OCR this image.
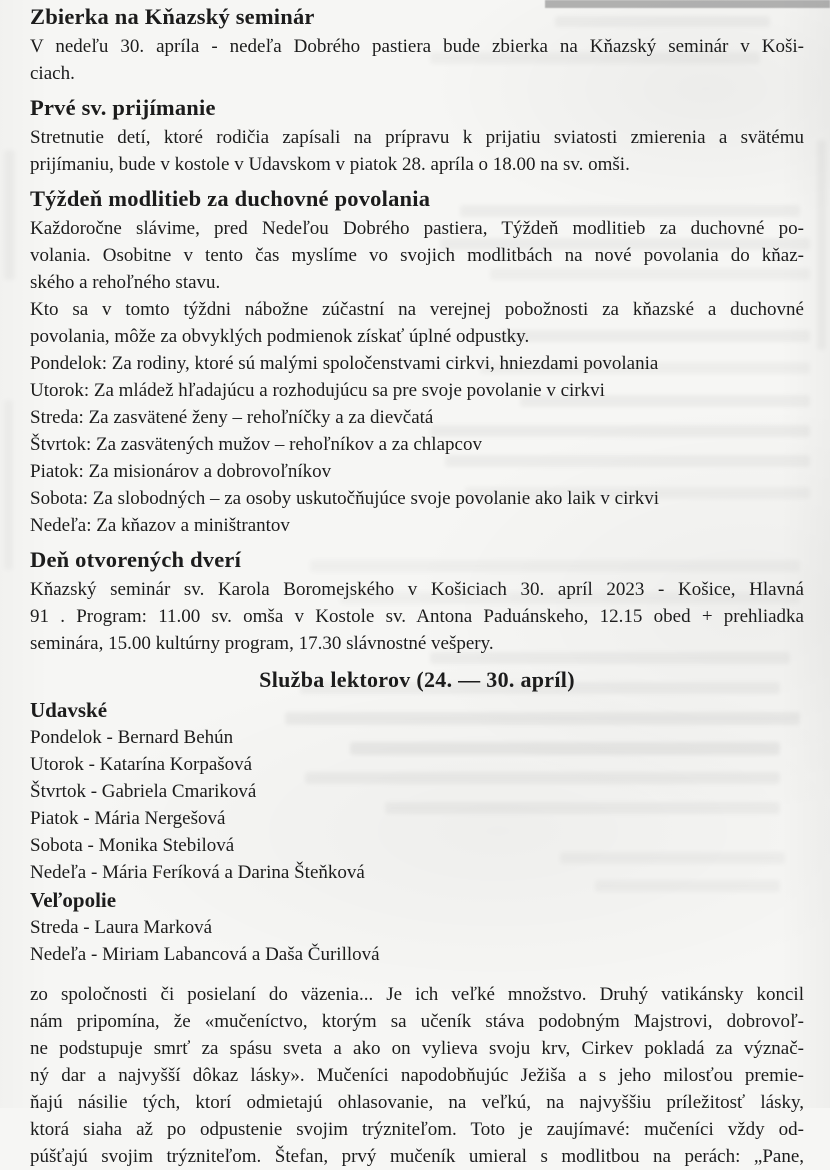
Zbierka na Kňazský seminár
V nedeľu 30. apríla - nedeľa Dobrého pastiera bude zbierka na Kňazský seminár v Koši-
ciach.
Prvé sv. prijímanie
Stretnutie detí, ktoré rodičia zapísali na prípravu k prijatiu sviatosti zmierenia a svätému
prijímaniu, bude v kostole v Udavskom v piatok 28. apríla o 18.00 na sv. omši.
Týždeň modlitieb za duchovné povolania
Každoročne slávime, pred Nedeľou Dobrého pastiera, Týždeň modlitieb za duchovné po-
volania. Osobitne v tento čas myslíme vo svojich modlitbách na nové povolania do kňaz-
ského a rehoľného stavu.
Kto sa v tomto týždni nábožne zúčastní na verejnej pobožnosti za kňazské a duchovné
povolania, môže za obvyklých podmienok získať úplné odpustky.
Pondelok: Za rodiny, ktoré sú malými spoločenstvami cirkvi, hniezdami povolania
Utorok: Za mládež hľadajúcu a rozhodujúcu sa pre svoje povolanie v cirkvi
Streda: Za zasvätené ženy – rehoľníčky a za dievčatá
Štvrtok: Za zasvätených mužov – rehoľníkov a za chlapcov
Piatok: Za misionárov a dobrovoľníkov
Sobota: Za slobodných – za osoby uskutočňujúce svoje povolanie ako laik v cirkvi
Nedeľa: Za kňazov a miništrantov
Deň otvorených dverí
Kňazský seminár sv. Karola Boromejského v Košiciach 30. apríl 2023 - Košice, Hlavná
91 . Program: 11.00 sv. omša v Kostole sv. Antona Paduánskeho, 12.15 obed + prehliadka
seminára, 15.00 kultúrny program, 17.30 slávnostné vešpery.
Služba lektorov (24. — 30. apríl)
Udavské
Pondelok - Bernard Behún
Utorok - Katarína Korpašová
Štvrtok - Gabriela Cmariková
Piatok - Mária Nergešová
Sobota - Monika Stebilová
Nedeľa - Mária Feríková a Darina Šteňková
Veľopolie
Streda - Laura Marková
Nedeľa - Miriam Labancová a Daša Čurillová
zo spoločnosti či posielaní do väzenia... Je ich veľké množstvo. Druhý vatikánsky koncil
nám pripomína, že «mučeníctvo, ktorým sa učeník stáva podobným Majstrovi, dobrovoľ-
ne podstupuje smrť za spásu sveta a ako on vylieva svoju krv, Cirkev pokladá za význač-
ný dar a najvyšší dôkaz lásky». Mučeníci napodobňujúc Ježiša a s jeho milosťou premie-
ňajú násilie tých, ktorí odmietajú ohlasovanie, na veľkú, na najvyššiu príležitosť lásky,
ktorá siaha až po odpustenie svojim trýzniteľom. Toto je zaujímavé: mučeníci vždy od-
púšťajú svojim trýzniteľom. Štefan, prvý mučeník umieral s modlitbou na perách: „Pane,
